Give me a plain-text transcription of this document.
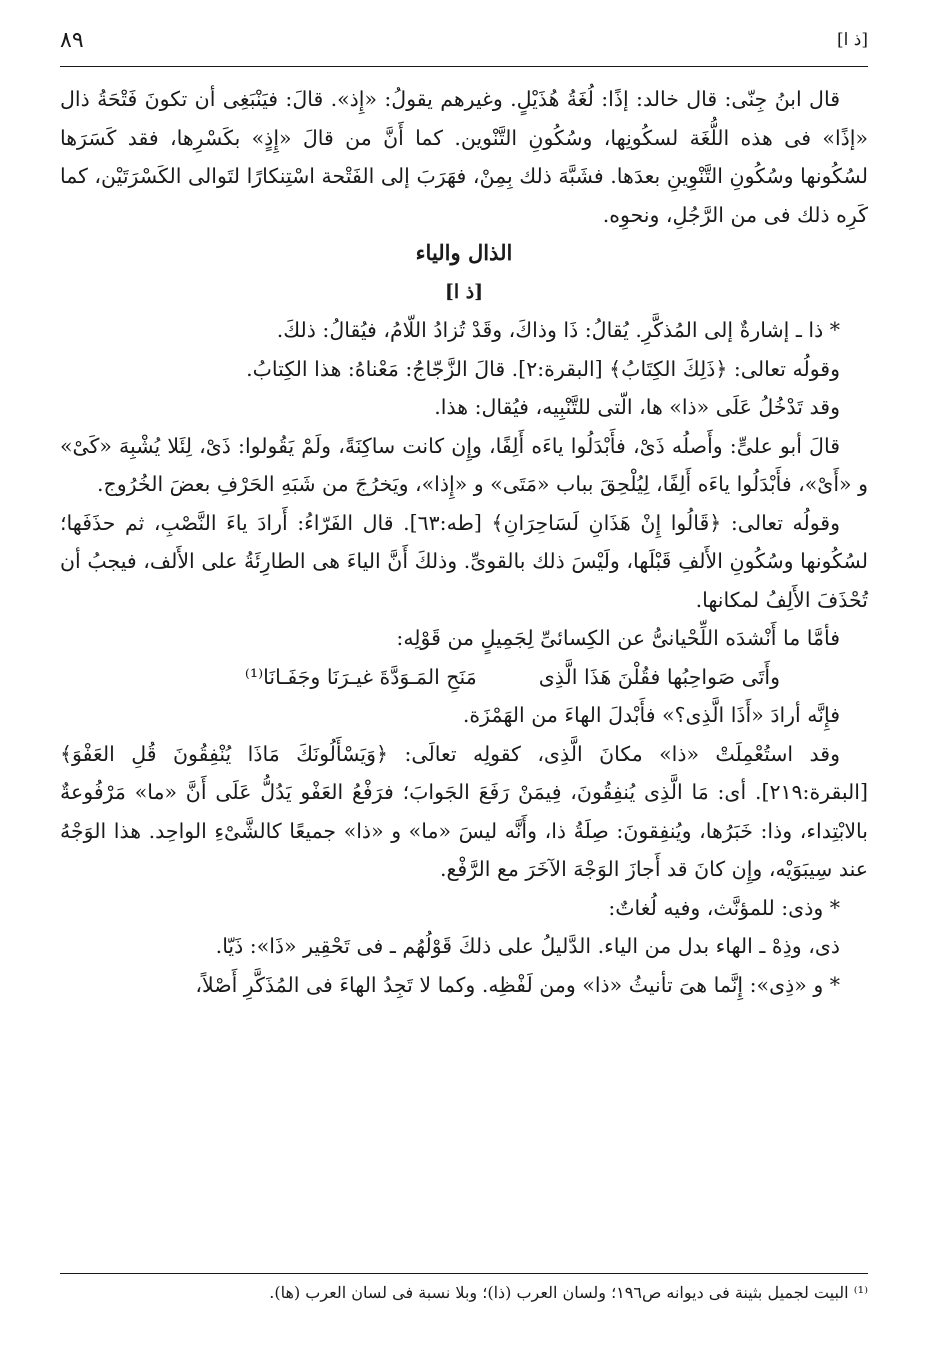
٨٩	[ذ ا]

قال ابنُ جِنّى: قال خالد: إذًا: لُغَةُ هُذَيْلٍ. وغيرهم يقولُ: «إِذ». قالَ: فيَنْبَغِى أن تكونَ فَتْحَةُ ذال «إذًا» فى هذه اللُّغَة لسكُونِها، وسُكُونِ التَّنْوين. كما أَنَّ من قالَ «إِذٍ» بكَسْرِها، فقد كَسَرَها لسُكُونها وسُكُونِ التَّنْوِينِ بعدَها. فشَبَّهَ ذلك بِمِنْ، فهَرَبَ إلى الفَتْحة اسْتِنكارًا لتَوالى الكَسْرَتَيْن، كما كَرِه ذلك فى من الرَّجُلِ، ونحوِه.

الذال والياء

[ذ ا]

* ذا ـ إشارةٌ إلى المُذكَّرِ. يُقالُ: ذَا وذاكَ، وقَدْ تُزادُ اللّامُ، فيُقالُ: ذلكَ.

وقولُه تعالى: ﴿ذَلِكَ الكِتَابُ﴾ [البقرة:٢]. قالَ الزَّجّاجُ: مَعْناهُ: هذا الكِتابُ.

وقد تَدْخُلُ عَلَى «ذا» ها، الّتى للتَّنْبِيه، فيُقال: هذا.

قالَ أبو علىٍّ: وأَصلُه ذَىْ، فأَبْدَلُوا ياءَه أَلِفًا، وإِن كانت ساكِنَةً، ولَمْ يَقُولوا: ذَىْ، لِئَلا يُشْبِهَ «كَىْ» و «أَىْ»، فأَبْدَلُوا ياءَه أَلِفًا، لِيُلْحِقَ بباب «مَتَى» و «إِذا»، ويَخرُجَ من شَبَهِ الحَرْفِ بعضَ الخُرُوج.

وقولُه تعالى: ﴿قَالُوا إِنْ هَذَانِ لَسَاحِرَانِ﴾ [طه:٦٣]. قال الفَرّاءُ: أَرادَ ياءَ النَّصْبِ، ثم حذَفَها؛ لسُكُونها وسُكُونِ الأَلفِ قَبْلَها، ولَيْسَ ذلك بالقوىِّ. وذلكَ أَنَّ الياءَ هى الطارِئَةُ على الأَلف، فيجبُ أن تُحْذَفَ الأَلِفُ لمكانها.

فأمَّا ما أَنْشدَه اللِّحْيانىُّ عن الكِسائىِّ لِجَمِيلٍ من قَوْلِه:

وأَتَى صَواحِبُها فقُلْنَ هَذَا الَّذِى
مَنَحِ المَـوَدَّةَ غيـرَنَا وجَفَـانَا⁽¹⁾

فإِنَّه أرادَ «أَذَا الَّذِى؟» فأَبْدلَ الهاءَ من الهَمْزَة.

وقد استُعْمِلَتْ «ذا» مكانَ الَّذِى، كقولِه تعالَى: ﴿وَيَسْأَلُونَكَ مَاذَا يُنْفِقُونَ قُلِ العَفْوَ﴾ [البقرة:٢١٩]. أى: مَا الَّذِى يُنفِقُونَ، فِيمَنْ رَفَعَ الجَوابَ؛ فرَفْعُ العَفْو يَدُلُّ عَلَى أَنَّ «ما» مَرْفُوعةٌ بالابْتِداء، وذا: خَبَرُها، ويُنفِقونَ: صِلَةُ ذا، وأَنَّه ليسَ «ما» و «ذا» جميعًا كالشَّىْءِ الواحِد. هذا الوَجْهُ عند سِيبَوَيْه، وإِن كانَ قد أَجازَ الوَجْهَ الآخَرَ مع الرَّفْع.

* وذى: للمؤنَّث، وفيه لُغاتٌ:

ذى، وذِهْ ـ الهاء بدل من الياء. الدَّليلُ على ذلكَ قَوْلُهُم ـ فى تَحْقِير «ذَا»: ذَيّا.

* و «ذِى»: إِنَّما هىَ تأنيثُ «ذا» ومن لَفْظِه. وكما لا تَجِدُ الهاءَ فى المُذَكَّرِ أَصْلاً،

⁽¹⁾ البيت لجميل بثينة فى ديوانه ص١٩٦؛ ولسان العرب (ذا)؛ وبلا نسبة فى لسان العرب (ها).
